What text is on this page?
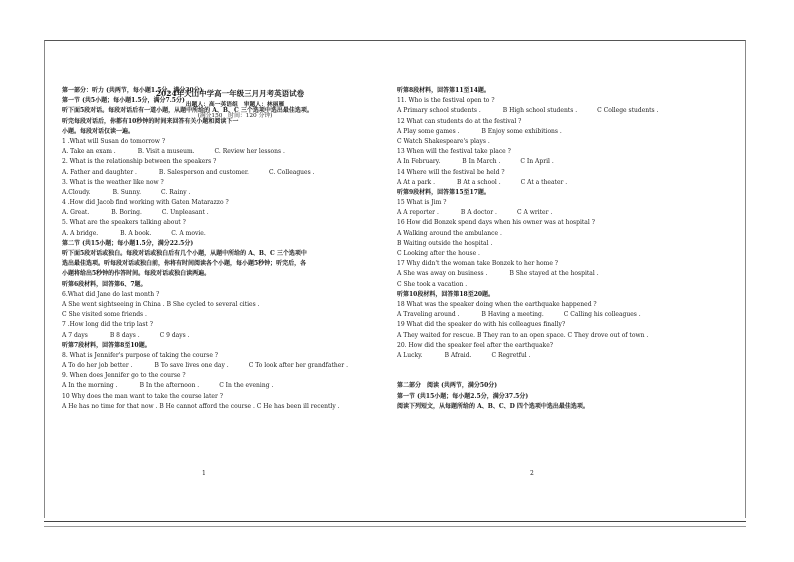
2024年天山中学高一年级三月月考英语试卷
出题人：高一英语组　审题人：林丽雁
(满分150　时间：120 分钟)
第一部分：听力 (共两节，每小题1.5分，满分30分)
第一节 (共5小题；每小题1.5分，满分7.5分)
听下面5段对话。每段对话后有一道小题，从题中所给的 A、B、C 三个选项中选出最佳选项。
听完每段对话后，你都有10秒钟的时间来回答有关小题和阅读下一
小题。每段对话仅读一遍。
1 .What will Susan do tomorrow ?
A. Take an exam .	B. Visit a museum.	C. Review her lessons .
2. What is the relationship between the speakers ?
A. Father and daughter .	B. Salesperson and customer.	C. Colleagues .
3. What is the weather like now ?
A.Cloudy.	B. Sunny.	C. Rainy .
4 .How did Jacob find working with Gaten Matarazzo ?
A. Great.	B. Boring.	C. Unpleasant .
5. What are the speakers talking about ?
A. A bridge.	B. A book.	C. A movie.
第二节 (共15小题；每小题1.5分，满分22.5分)
听下面5段对话或独白。每段对话或独白后有几个小题，从题中所给的 A、B、C 三个选项中
选出最佳选项。听每段对话或独白前，你将有时间阅读各个小题，每小题5秒钟；听完后，各
小题将给出5秒钟的作答时间。每段对话或独白读两遍。
听第6段材料，回答第6、7题。
6.What did Jane do last month ?
A She went sightseeing in China . B She cycled to several cities .
C She visited some friends .
7 .How long did the trip last ?
A 7 days	B 8 days .	C 9 days .
听第7段材料，回答第8至10题。
8. What is Jennifer's purpose of taking the course ?
A To do her job better .	B To save lives one day .	C To look after her grandfather .
9. When does Jennifer go to the course ?
A In the morning .	B In the afternoon .	C In the evening .
10 Why does the man want to take the course later ?
A He has no time for that now . B He cannot afford the course . C He has been ill recently .
听第8段材料，回答第11至14题。
11. Who is the festival open to ?
A Primary school students .	B High school students .	C College students .
12 What can students do at the festival ?
A Play some games .	B Enjoy some exhibitions .
C Watch Shakespeare's plays .
13 When will the festival take place ?
A In February.	B In March .	C In April .
14 Where will the festival be held ?
A At a park .	B At a school .	C At a theater .
听第9段材料，回答第15至17题。
15 What is Jim ?
A A reporter .	B A doctor .	C A writer .
16 How did Bonzek spend days when his owner was at hospital ?
A Walking around the ambulance .
B Waiting outside the hospital .
C Looking after the house .
17 Why didn't the woman take Bonzek to her home ?
A She was away on business .	B She stayed at the hospital .
C She took a vacation .
听第10段材料，回答第18至20题。
18 What was the speaker doing when the earthquake happened ?
A Traveling around .	B Having a meeting.	C Calling his colleagues .
19 What did the speaker do with his colleagues finally?
A They waited for rescue. B They ran to an open space. C They drove out of town .
20. How did the speaker feel after the earthquake?
A Lucky.	B Afraid.	C Regretful .
第二部分　阅读 (共两节，满分50分)
第一节 (共15小题；每小题2.5分，满分37.5分)
阅读下列短文，从每题所给的 A、B、C、D 四个选项中选出最佳选项。
1	2
